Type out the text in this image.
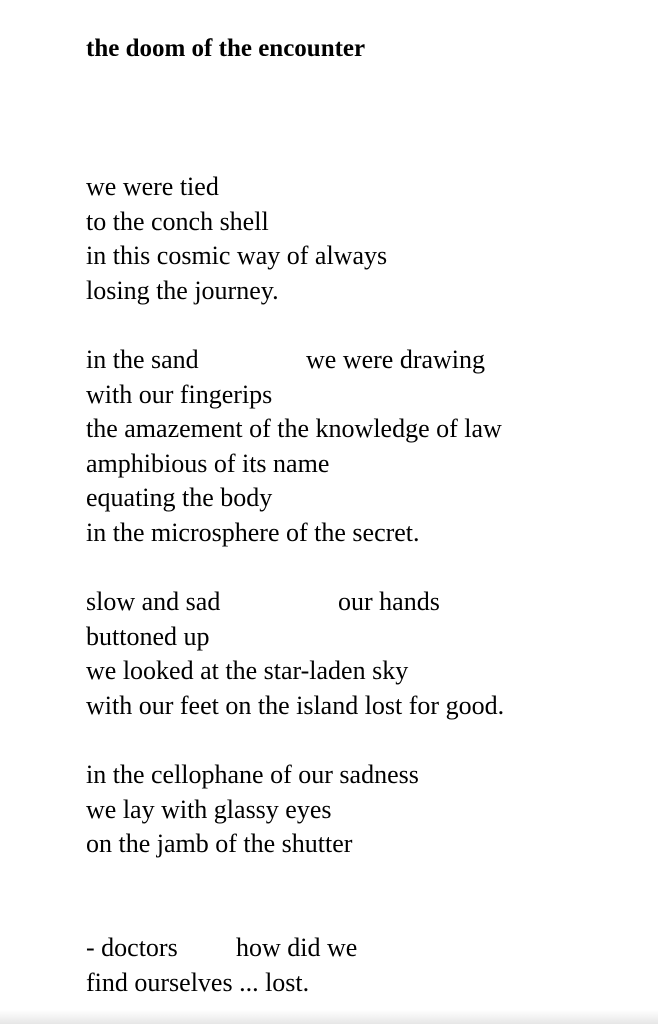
the doom of the encounter
we were tied
to the conch shell
in this cosmic way of always
losing the journey.
in the sand	we were drawing
with our fingerips
the amazement of the knowledge of law
amphibious of its name
equating the body
in the microsphere of the secret.
slow and sad	our hands
buttoned up
we looked at the star-laden sky
with our feet on the island lost for good.
in the cellophane of our sadness
we lay with glassy eyes
on the jamb of the shutter
- doctors how did we
find ourselves ... lost.
